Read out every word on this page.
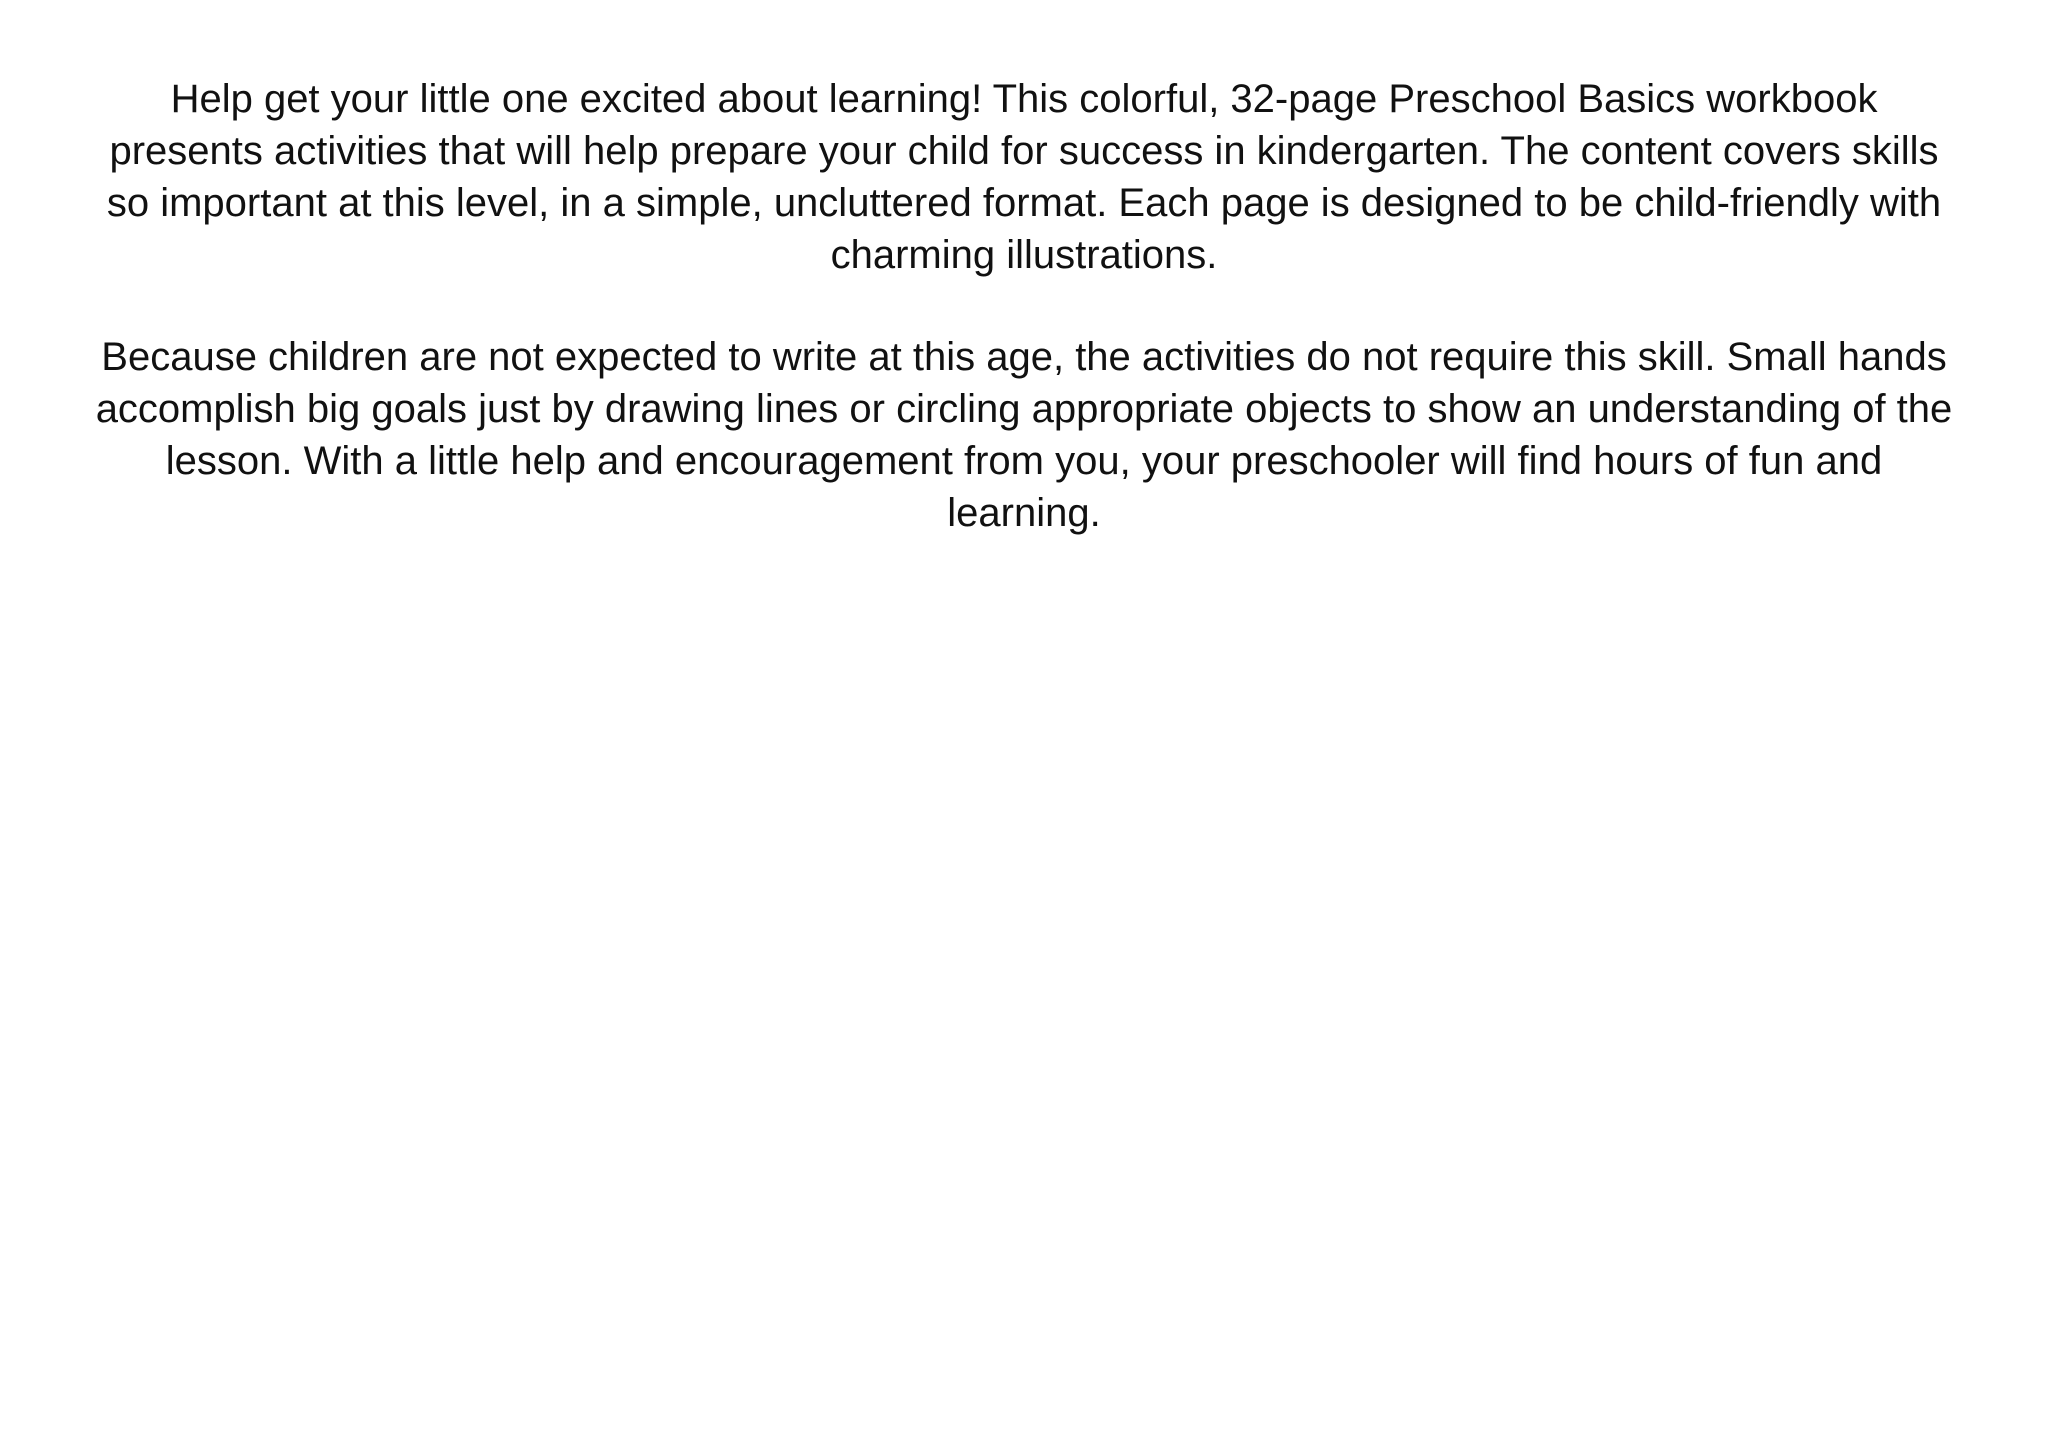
Help get your little one excited about learning! This colorful, 32-page Preschool Basics workbook presents activities that will help prepare your child for success in kindergarten. The content covers skills so important at this level, in a simple, uncluttered format. Each page is designed to be child-friendly with charming illustrations.

Because children are not expected to write at this age, the activities do not require this skill. Small hands accomplish big goals just by drawing lines or circling appropriate objects to show an understanding of the lesson. With a little help and encouragement from you, your preschooler will find hours of fun and learning.
